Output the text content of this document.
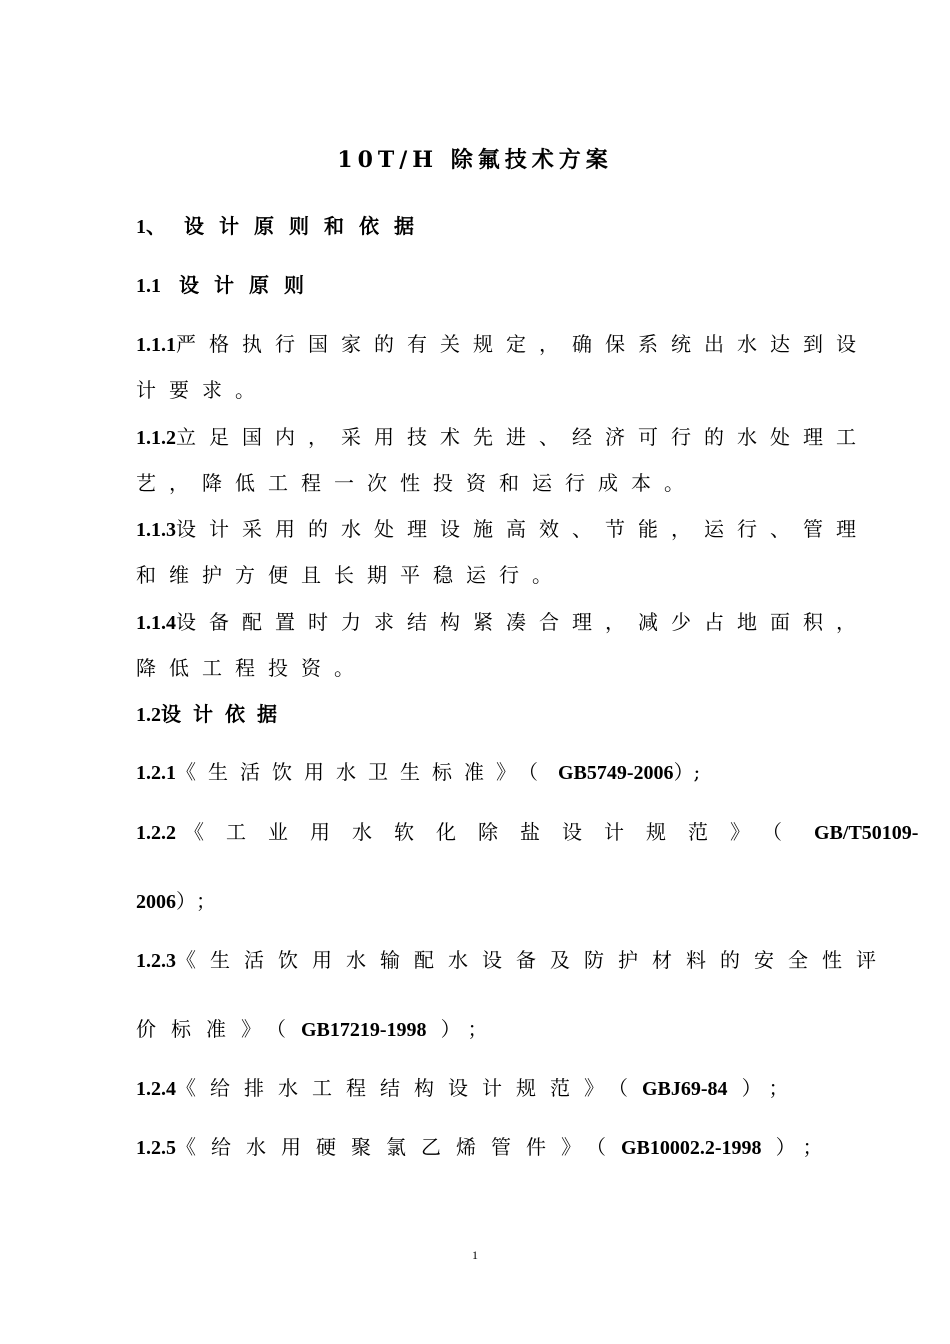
10T/H 除氟技术方案
1、 设计原则和依据
1.1 设计原则
1.1.1严格执行国家的有关规定，确保系统出水达到设
计要求。
1.1.2立足国内，采用技术先进、经济可行的水处理工
艺，降低工程一次性投资和运行成本。
1.1.3设计采用的水处理设施高效、节能，运行、管理
和维护方便且长期平稳运行。
1.1.4设备配置时力求结构紧凑合理，减少占地面积，
降低工程投资。
1.2设计依据
1.2.1《生活饮用水卫生标准》（ GB5749-2006）;
1.2.2 《工业用水软化除盐设计规范》（ GB/T50109-
2006）；
1.2.3《生活饮用水输配水设备及防护材料的安全性评
价标准》（GB17219-1998 ）；
1.2.4《给排水工程结构设计规范》（GBJ69-84 ）；
1.2.5《给水用硬聚氯乙烯管件》（GB10002.2-1998 ）；
1
